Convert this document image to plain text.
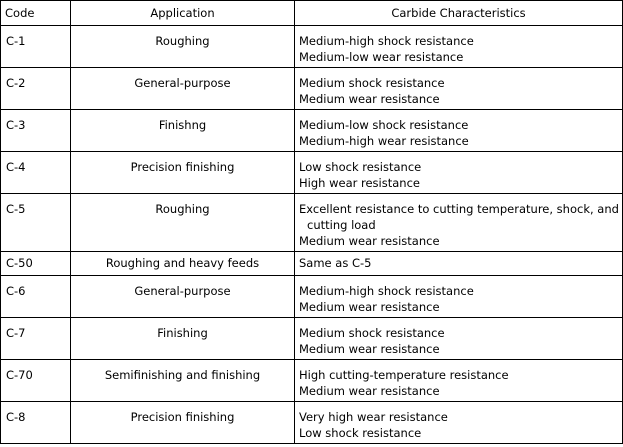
Code	Application	Carbide Characteristics
C-1	Roughing	Medium-high shock resistance
Medium-low wear resistance

C-2	General-purpose	Medium shock resistance
Medium wear resistance

C-3	Finishng	Medium-low shock resistance
Medium-high wear resistance

C-4	Precision finishing	Low shock resistance
High wear resistance

C-5	Roughing	Excellent resistance to cutting temperature, shock, and
cutting load
Medium wear resistance

C-50	Roughing and heavy feeds	Same as C-5

C-6	General-purpose	Medium-high shock resistance
Medium wear resistance

C-7	Finishing	Medium shock resistance
Medium wear resistance

C-70	Semifinishing and finishing	High cutting-temperature resistance
Medium wear resistance

C-8	Precision finishing	Very high wear resistance
Low shock resistance
